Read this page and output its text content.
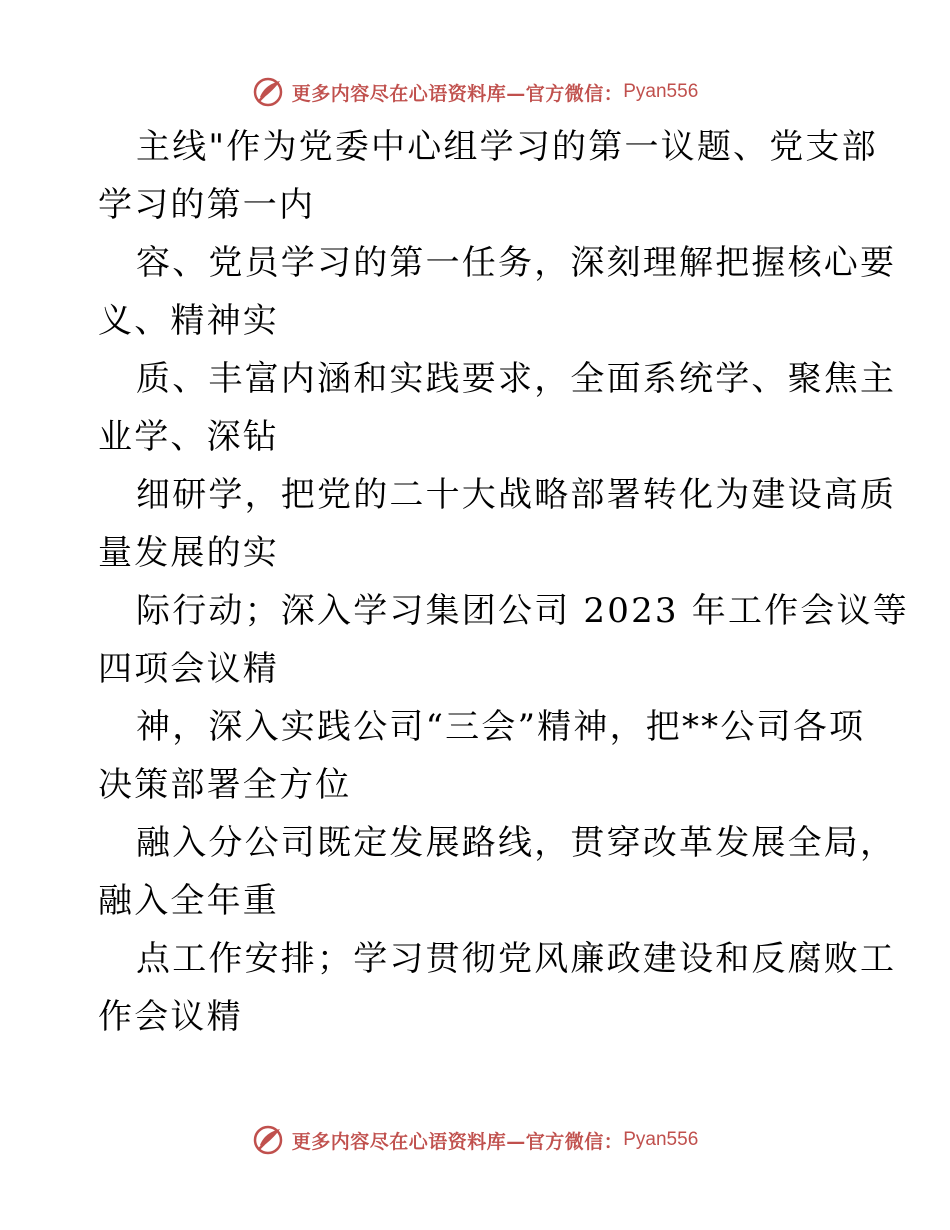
更多内容尽在心语资料库—官方微信： Pyan556
主线"作为党委中心组学习的第一议题、党支部
学习的第一内
容、党员学习的第一任务，深刻理解把握核心要
义、精神实
质、丰富内涵和实践要求，全面系统学、聚焦主
业学、深钻
细研学，把党的二十大战略部署转化为建设高质
量发展的实
际行动；深入学习集团公司 2023 年工作会议等
四项会议精
神，深入实践公司“三会”精神，把**公司各项
决策部署全方位
融入分公司既定发展路线，贯穿改革发展全局，
融入全年重
点工作安排；学习贯彻党风廉政建设和反腐败工
作会议精
更多内容尽在心语资料库—官方微信： Pyan556
